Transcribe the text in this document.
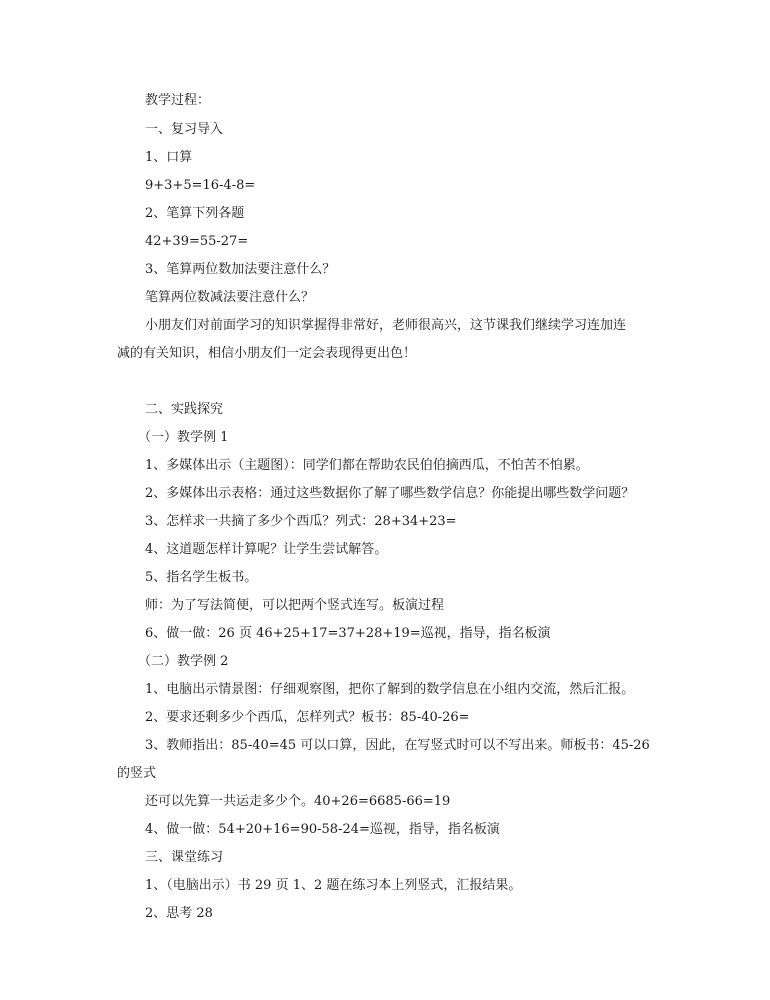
教学过程：
一、复习导入
1、口算
9+3+5=16-4-8=
2、笔算下列各题
42+39=55-27=
3、笔算两位数加法要注意什么？
笔算两位数减法要注意什么？
小朋友们对前面学习的知识掌握得非常好，老师很高兴，这节课我们继续学习连加连
减的有关知识，相信小朋友们一定会表现得更出色！
二、实践探究
（一）教学例 1
1、多媒体出示（主题图）：同学们都在帮助农民伯伯摘西瓜，不怕苦不怕累。
2、多媒体出示表格：通过这些数据你了解了哪些数学信息？你能提出哪些数学问题？
3、怎样求一共摘了多少个西瓜？列式：28+34+23=
4、这道题怎样计算呢？让学生尝试解答。
5、指名学生板书。
师：为了写法简便，可以把两个竖式连写。板演过程
6、做一做：26 页 46+25+17=37+28+19=巡视，指导，指名板演
（二）教学例 2
1、电脑出示情景图：仔细观察图，把你了解到的数学信息在小组内交流，然后汇报。
2、要求还剩多少个西瓜，怎样列式？板书：85-40-26=
3、教师指出：85-40=45 可以口算，因此，在写竖式时可以不写出来。师板书：45-26
的竖式
还可以先算一共运走多少个。40+26=6685-66=19
4、做一做：54+20+16=90-58-24=巡视，指导，指名板演
三、课堂练习
1、（电脑出示）书 29 页 1、2 题在练习本上列竖式，汇报结果。
2、思考 28
